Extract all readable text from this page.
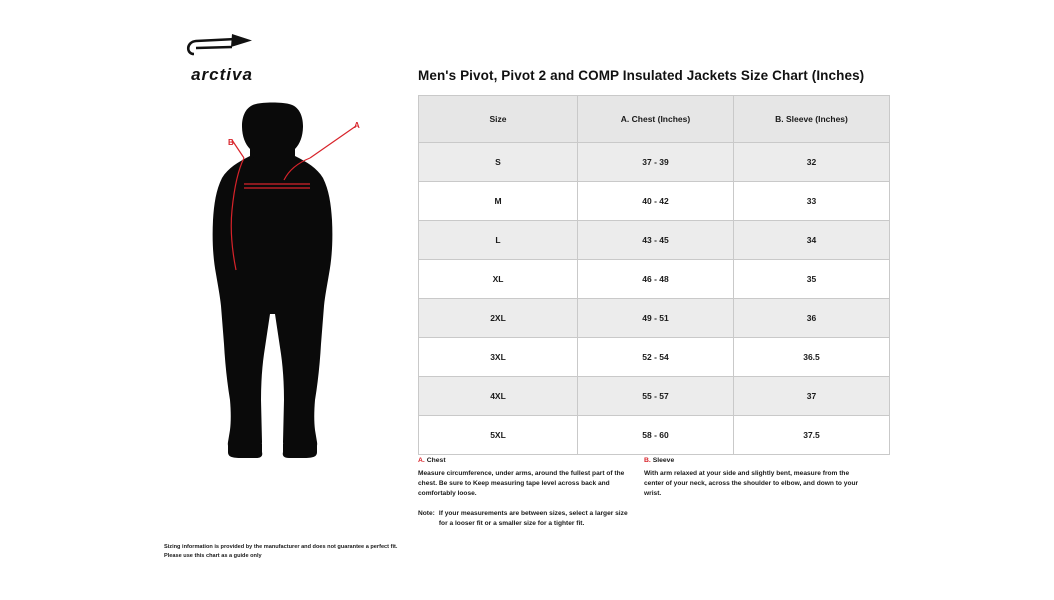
arctiva
A
B
Men's Pivot, Pivot 2 and COMP Insulated Jackets Size Chart (Inches)
Size	A. Chest (Inches)	B. Sleeve (Inches)
S	37 - 39	32
M	40 - 42	33
L	43 - 45	34
XL	46 - 48	35
2XL	49 - 51	36
3XL	52 - 54	36.5
4XL	55 - 57	37
5XL	58 - 60	37.5
A. Chest
Measure circumference, under arms, around the fullest part of the chest. Be sure to Keep measuring tape level across back and comfortably loose.
Note: If your measurements are between sizes, select a larger size for a looser fit or a smaller size for a tighter fit.
B. Sleeve
With arm relaxed at your side and slightly bent, measure from the center of your neck, across the shoulder to elbow, and down to your wrist.
Sizing information is provided by the manufacturer and does not guarantee a perfect fit. Please use this chart as a guide only
